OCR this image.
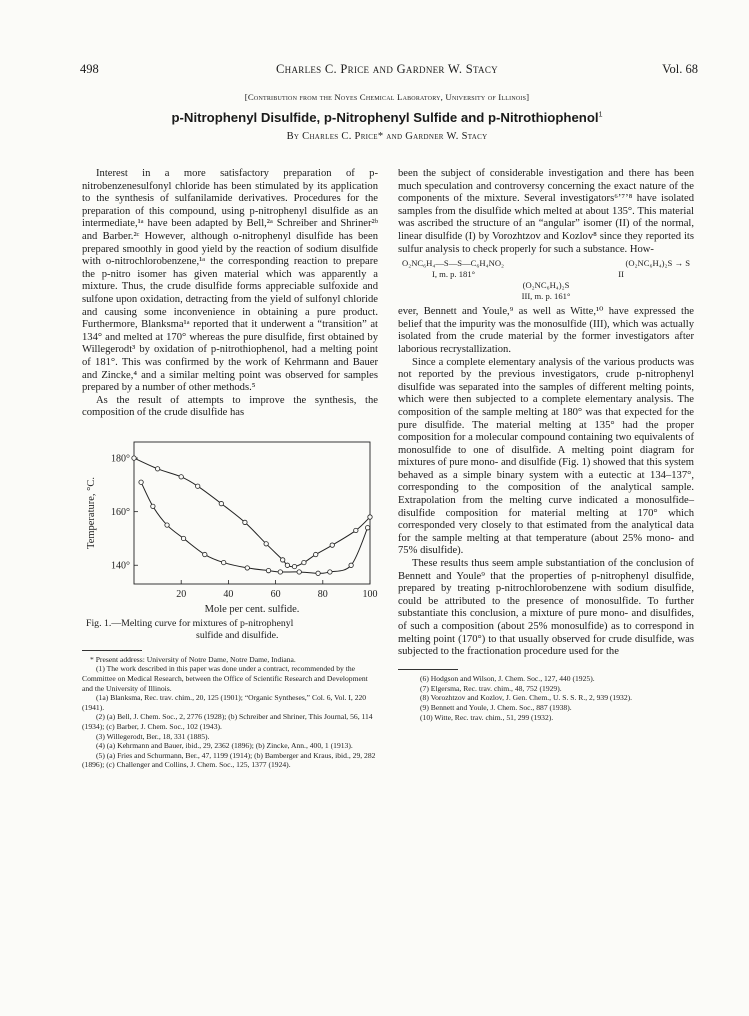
498	Charles C. Price and Gardner W. Stacy	Vol. 68
[Contribution from the Noyes Chemical Laboratory, University of Illinois]
p-Nitrophenyl Disulfide, p-Nitrophenyl Sulfide and p-Nitrothiophenol$^1$
By Charles C. Price* and Gardner W. Stacy

Interest in a more satisfactory preparation of p-nitrobenzenesulfonyl chloride has been stimulated by its application to the synthesis of sulfanilamide derivatives. Procedures for the preparation of this compound, using p-nitrophenyl disulfide as an intermediate,¹ᵃ have been adapted by Bell,²ᵃ Schreiber and Shriner²ᵇ and Barber.²ᶜ However, although o-nitrophenyl disulfide has been prepared smoothly in good yield by the reaction of sodium disulfide with o-nitrochlorobenzene,¹ᵃ the corresponding reaction to prepare the p-nitro isomer has given material which was apparently a mixture. Thus, the crude disulfide forms appreciable sulfoxide and sulfone upon oxidation, detracting from the yield of sulfonyl chloride and causing some inconvenience in obtaining a pure product. Furthermore, Blanksma¹ᵃ reported that it underwent a “transition” at 134° and melted at 170° whereas the pure disulfide, first obtained by Willegerodt³ by oxidation of p-nitrothiophenol, had a melting point of 181°. This was confirmed by the work of Kehrmann and Bauer and Zincke,⁴ and a similar melting point was observed for samples prepared by a number of other methods.⁵

As the result of attempts to improve the synthesis, the composition of the crude disulfide has

180°
160°
140°
20	40	60	80	100
Temperature, °C.
Mole per cent. sulfide.
Fig. 1.—Melting curve for mixtures of p-nitrophenyl
sulfide and disulfide.

* Present address: University of Notre Dame, Notre Dame, Indiana.

(1) The work described in this paper was done under a contract, recommended by the Committee on Medical Research, between the Office of Scientific Research and Development and the University of Illinois.

(1a) Blanksma, Rec. trav. chim., 20, 125 (1901); “Organic Syntheses,” Col. 6, Vol. I, 220 (1941).

(2) (a) Bell, J. Chem. Soc., 2, 2776 (1928); (b) Schreiber and Shriner, This Journal, 56, 114 (1934); (c) Barber, J. Chem. Soc., 102 (1943).

(3) Willegerodt, Ber., 18, 331 (1885).

(4) (a) Kehrmann and Bauer, ibid., 29, 2362 (1896); (b) Zincke, Ann., 400, 1 (1913).

(5) (a) Fries and Schurmann, Ber., 47, 1199 (1914); (b) Bamberger and Kraus, ibid., 29, 282 (1896); (c) Challenger and Collins, J. Chem. Soc., 125, 1377 (1924).

been the subject of considerable investigation and there has been much speculation and controversy concerning the exact nature of the components of the mixture. Several investigators⁶ʼ⁷ʼ⁸ have isolated samples from the disulfide which melted at about 135°. This material was ascribed the structure of an “angular” isomer (II) of the normal, linear disulfide (I) by Vorozhtzov and Kozlov⁸ since they reported its sulfur analysis to check properly for such a substance. How-

O₂NC₆H₄—S—S—C₆H₄NO₂	(O₂NC₆H₄)₂S → S
I, m. p. 181°	II
(O₂NC₆H₄)₂S
III, m. p. 161°

ever, Bennett and Youle,⁹ as well as Witte,¹⁰ have expressed the belief that the impurity was the monosulfide (III), which was actually isolated from the crude material by the former investigators after laborious recrystallization.

Since a complete elementary analysis of the various products was not reported by the previous investigators, crude p-nitrophenyl disulfide was separated into the samples of different melting points, which were then subjected to a complete elementary analysis. The composition of the sample melting at 180° was that expected for the pure disulfide. The material melting at 135° had the proper composition for a molecular compound containing two equivalents of monosulfide to one of disulfide. A melting point diagram for mixtures of pure mono- and disulfide (Fig. 1) showed that this system behaved as a simple binary system with a eutectic at 134–137°, corresponding to the composition of the analytical sample. Extrapolation from the melting curve indicated a monosulfide–disulfide composition for material melting at 170° which corresponded very closely to that estimated from the analytical data for the sample melting at that temperature (about 25% mono- and 75% disulfide).

These results thus seem ample substantiation of the conclusion of Bennett and Youle⁹ that the properties of p-nitrophenyl disulfide, prepared by treating p-nitrochlorobenzene with sodium disulfide, could be attributed to the presence of monosulfide. To further substantiate this conclusion, a mixture of pure mono- and disulfides, of such a composition (about 25% monosulfide) as to correspond in melting point (170°) to that usually observed for crude disulfide, was subjected to the fractionation procedure used for the

(6) Hodgson and Wilson, J. Chem. Soc., 127, 440 (1925).

(7) Elgersma, Rec. trav. chim., 48, 752 (1929).

(8) Vorozhtzov and Kozlov, J. Gen. Chem., U. S. S. R., 2, 939 (1932).

(9) Bennett and Youle, J. Chem. Soc., 887 (1938).

(10) Witte, Rec. trav. chim., 51, 299 (1932).
